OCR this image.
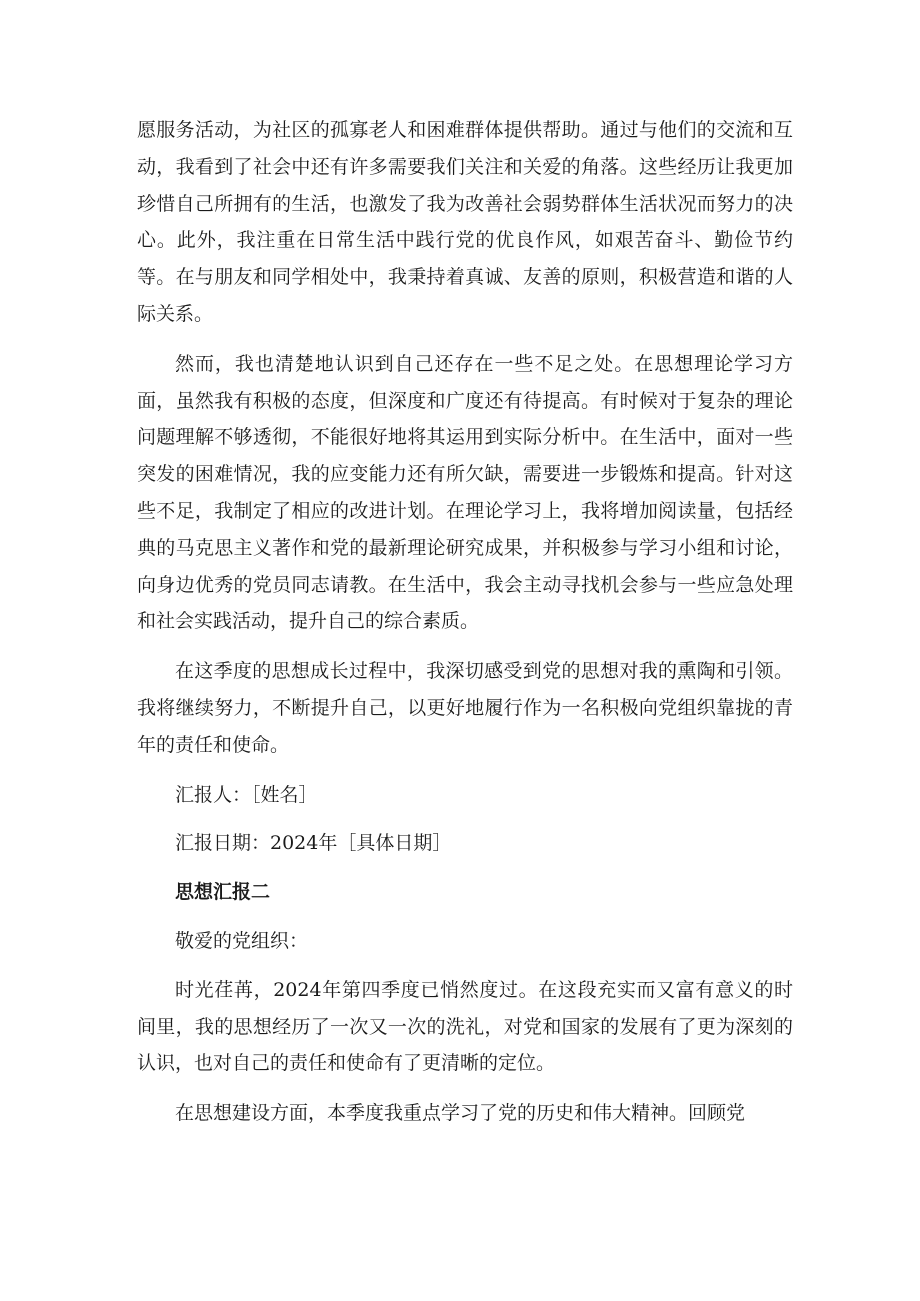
愿服务活动，为社区的孤寡老人和困难群体提供帮助。通过与他们的交流和互动，我看到了社会中还有许多需要我们关注和关爱的角落。这些经历让我更加珍惜自己所拥有的生活，也激发了我为改善社会弱势群体生活状况而努力的决心。此外，我注重在日常生活中践行党的优良作风，如艰苦奋斗、勤俭节约等。在与朋友和同学相处中，我秉持着真诚、友善的原则，积极营造和谐的人际关系。

然而，我也清楚地认识到自己还存在一些不足之处。在思想理论学习方面，虽然我有积极的态度，但深度和广度还有待提高。有时候对于复杂的理论问题理解不够透彻，不能很好地将其运用到实际分析中。在生活中，面对一些突发的困难情况，我的应变能力还有所欠缺，需要进一步锻炼和提高。针对这些不足，我制定了相应的改进计划。在理论学习上，我将增加阅读量，包括经典的马克思主义著作和党的最新理论研究成果，并积极参与学习小组和讨论，向身边优秀的党员同志请教。在生活中，我会主动寻找机会参与一些应急处理和社会实践活动，提升自己的综合素质。

在这季度的思想成长过程中，我深切感受到党的思想对我的熏陶和引领。我将继续努力，不断提升自己，以更好地履行作为一名积极向党组织靠拢的青年的责任和使命。

汇报人：［姓名］

汇报日期：2024年［具体日期］

思想汇报二

敬爱的党组织：

时光荏苒，2024年第四季度已悄然度过。在这段充实而又富有意义的时间里，我的思想经历了一次又一次的洗礼，对党和国家的发展有了更为深刻的认识，也对自己的责任和使命有了更清晰的定位。

在思想建设方面，本季度我重点学习了党的历史和伟大精神。回顾党
